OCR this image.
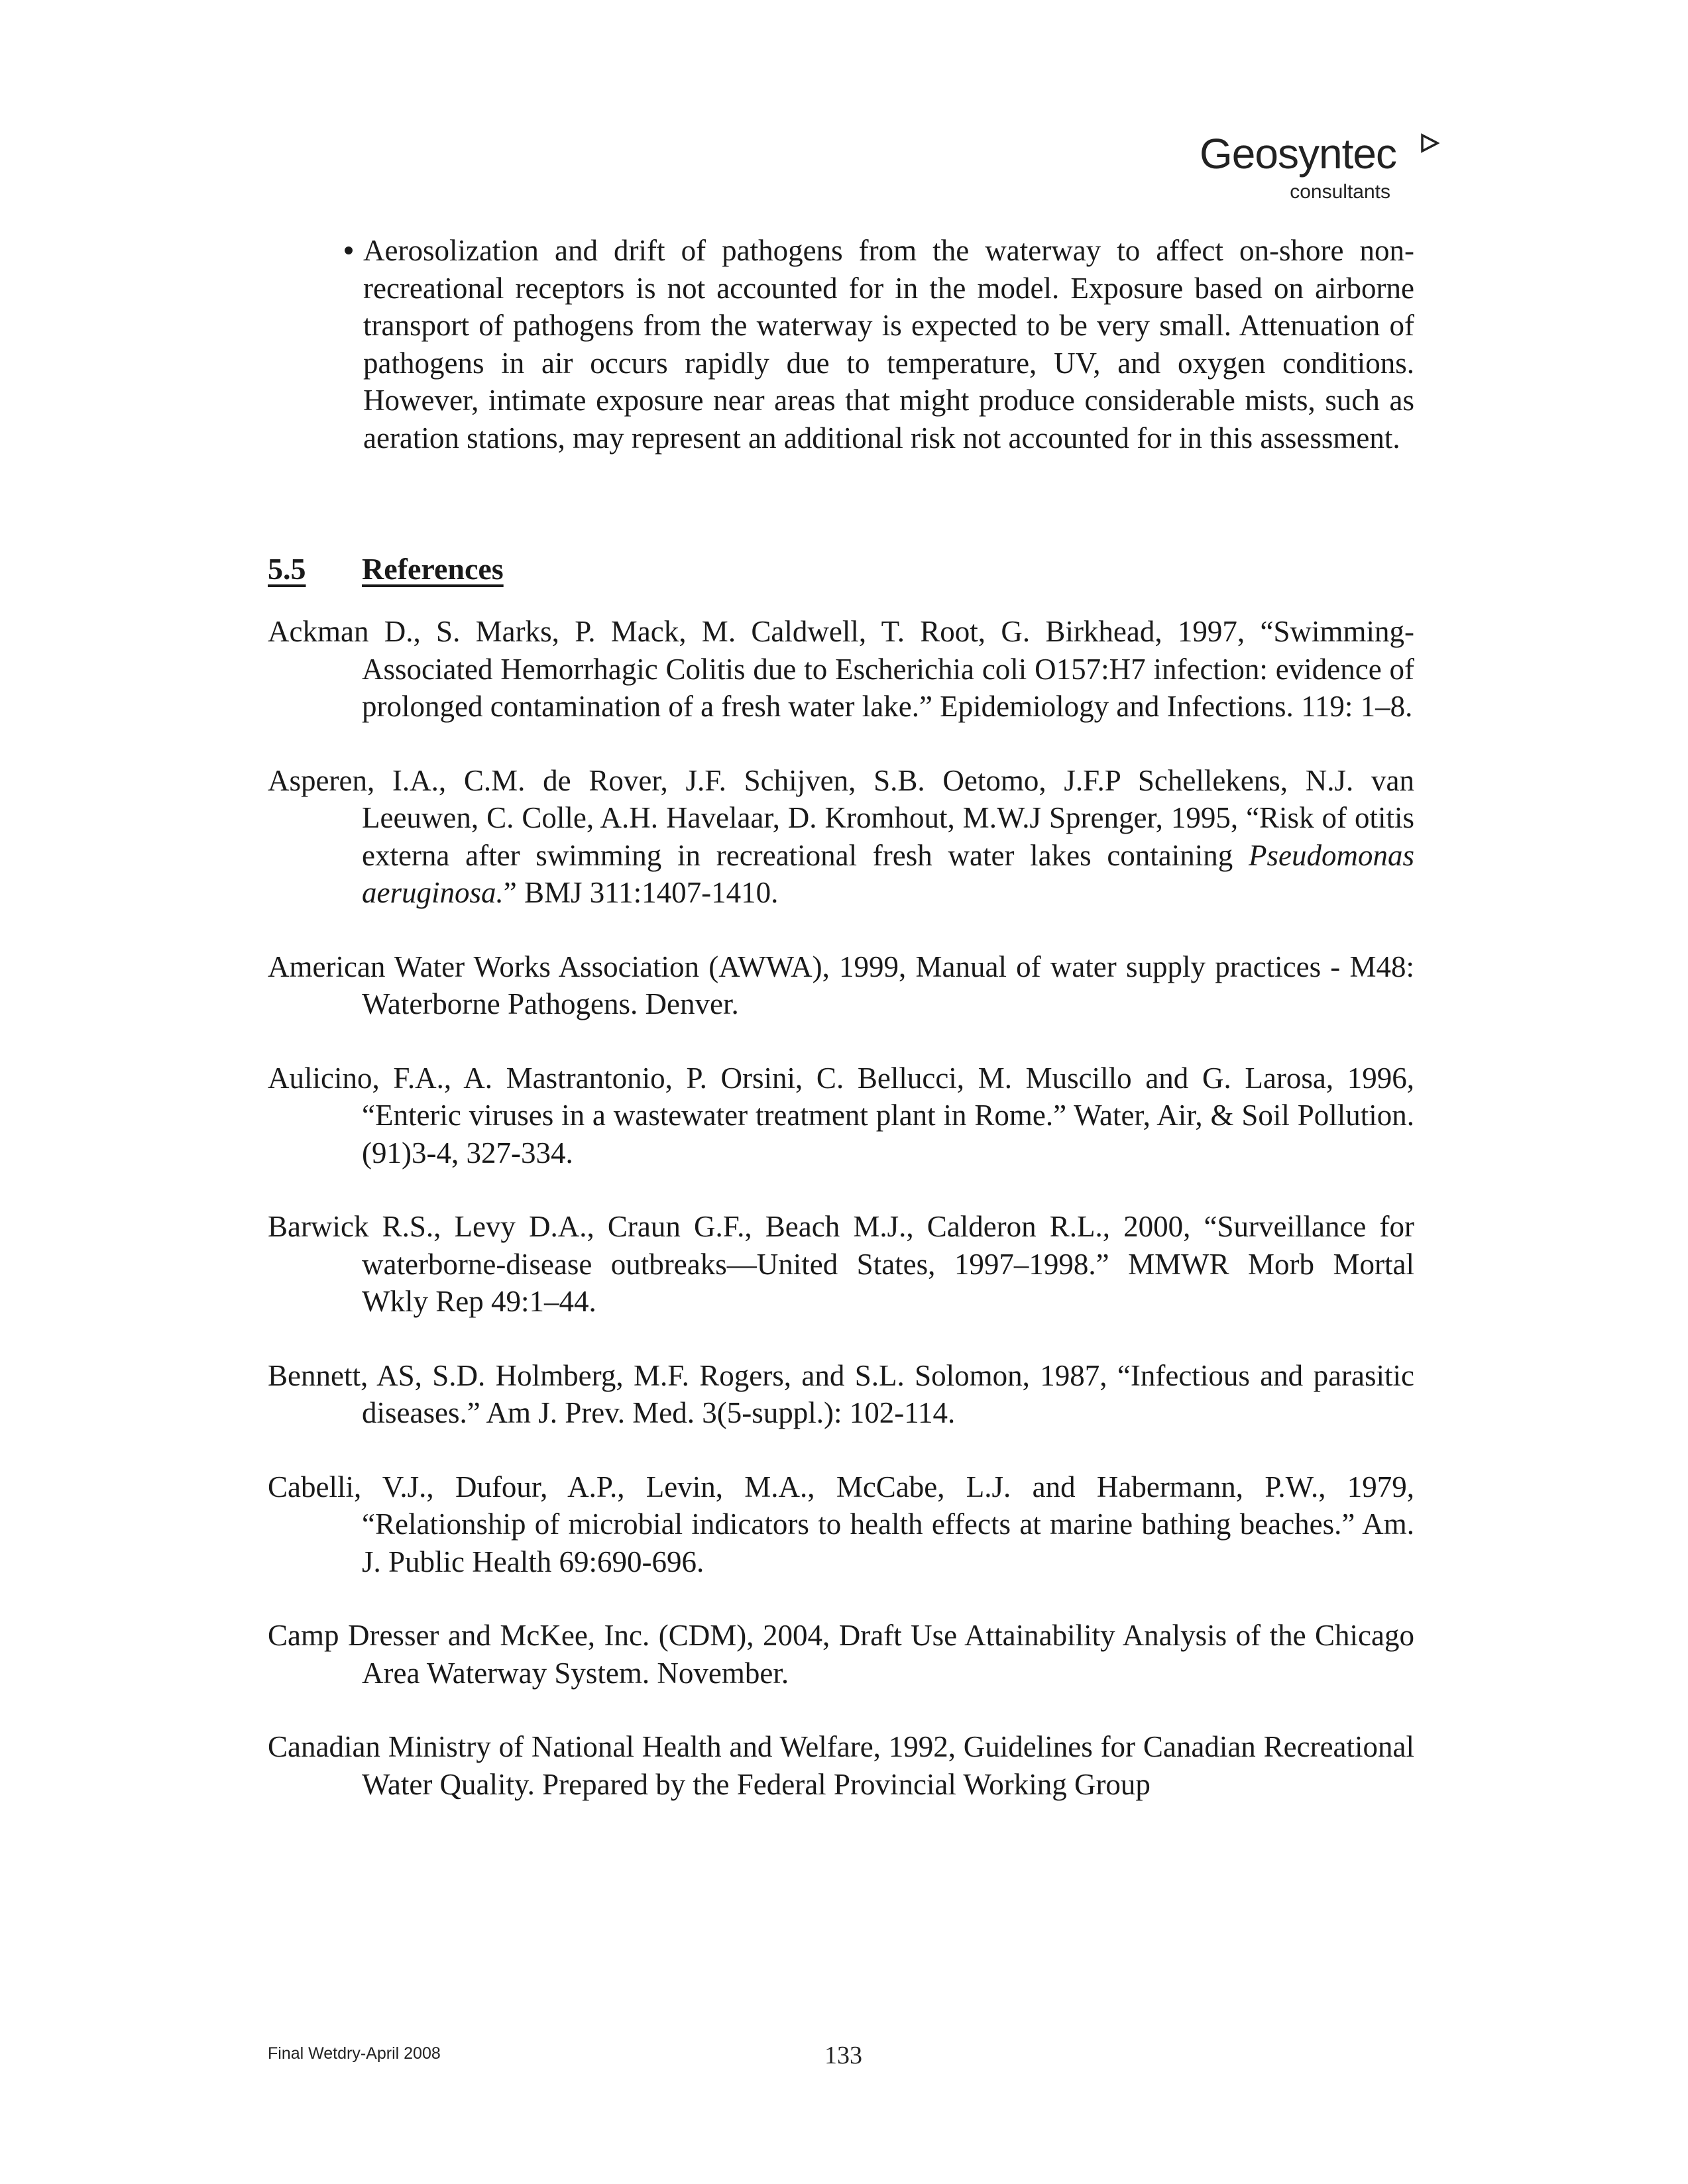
Geosyntec
consultants

Aerosolization and drift of pathogens from the waterway to affect on-shore non-recreational receptors is not accounted for in the model. Exposure based on airborne transport of pathogens from the waterway is expected to be very small. Attenuation of pathogens in air occurs rapidly due to temperature, UV, and oxygen conditions. However, intimate exposure near areas that might produce considerable mists, such as aeration stations, may represent an additional risk not accounted for in this assessment.

5.5 References

Ackman D., S. Marks, P. Mack, M. Caldwell, T. Root, G. Birkhead, 1997, “Swimming-Associated Hemorrhagic Colitis due to Escherichia coli O157:H7 infection: evidence of prolonged contamination of a fresh water lake.” Epidemiology and Infections. 119: 1–8.

Asperen, I.A., C.M. de Rover, J.F. Schijven, S.B. Oetomo, J.F.P Schellekens, N.J. van Leeuwen, C. Colle, A.H. Havelaar, D. Kromhout, M.W.J Sprenger, 1995, “Risk of otitis externa after swimming in recreational fresh water lakes containing Pseudomonas aeruginosa.” BMJ 311:1407-1410.

American Water Works Association (AWWA), 1999, Manual of water supply practices - M48: Waterborne Pathogens. Denver.

Aulicino, F.A., A. Mastrantonio, P. Orsini, C. Bellucci, M. Muscillo and G. Larosa, 1996, “Enteric viruses in a wastewater treatment plant in Rome.” Water, Air, & Soil Pollution. (91)3-4, 327-334.

Barwick R.S., Levy D.A., Craun G.F., Beach M.J., Calderon R.L., 2000, “Surveillance for waterborne-disease outbreaks—United States, 1997–1998.” MMWR Morb Mortal Wkly Rep 49:1–44.

Bennett, AS, S.D. Holmberg, M.F. Rogers, and S.L. Solomon, 1987, “Infectious and parasitic diseases.” Am J. Prev. Med. 3(5-suppl.): 102-114.

Cabelli, V.J., Dufour, A.P., Levin, M.A., McCabe, L.J. and Habermann, P.W., 1979, “Relationship of microbial indicators to health effects at marine bathing beaches.” Am. J. Public Health 69:690-696.

Camp Dresser and McKee, Inc. (CDM), 2004, Draft Use Attainability Analysis of the Chicago Area Waterway System. November.

Canadian Ministry of National Health and Welfare, 1992, Guidelines for Canadian Recreational Water Quality. Prepared by the Federal Provincial Working Group

Final Wetdry-April 2008	133
